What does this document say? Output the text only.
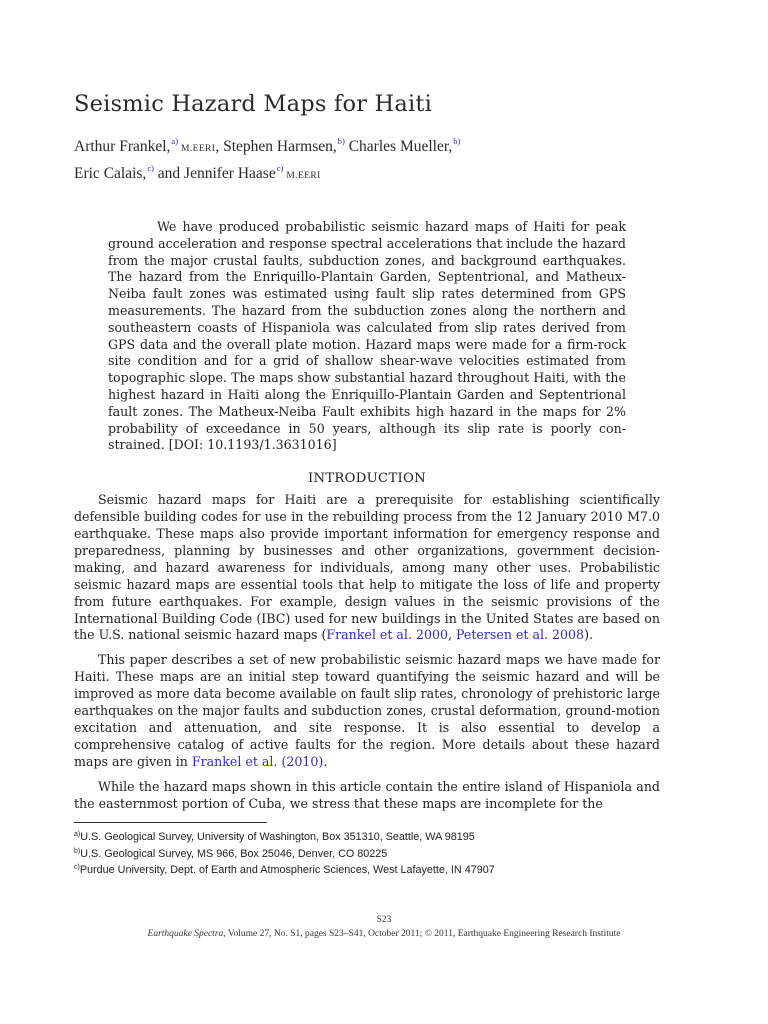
Seismic Hazard Maps for Haiti
Arthur Frankel,$^{a)}$M.EERI, Stephen Harmsen,$^{b)}$ Charles Mueller,$^{b)}$
Eric Calais,$^{c)}$ and Jennifer Haase$^{c)}$M.EERI

We have produced probabilistic seismic hazard maps of Haiti for peak ground acceleration and response spectral accelerations that include the hazard from the major crustal faults, subduction zones, and background earthquakes. The hazard from the Enriquillo-Plantain Garden, Septentrional, and Matheux-Neiba fault zones was estimated using fault slip rates determined from GPS measurements. The hazard from the subduction zones along the northern and southeastern coasts of Hispaniola was calculated from slip rates derived from GPS data and the overall plate motion. Hazard maps were made for a firm-rock site condition and for a grid of shallow shear-wave velocities estimated from topographic slope. The maps show substantial hazard throughout Haiti, with the highest hazard in Haiti along the Enriquillo-Plantain Garden and Septentrional fault zones. The Matheux-Neiba Fault exhibits high hazard in the maps for 2% probability of exceedance in 50 years, although its slip rate is poorly con- strained. [DOI: 10.1193/1.3631016]

INTRODUCTION

Seismic hazard maps for Haiti are a prerequisite for establishing scientifically defensible building codes for use in the rebuilding process from the 12 January 2010 M7.0 earthquake. These maps also provide important information for emergency response and preparedness, planning by businesses and other organizations, government decision-making, and hazard awareness for individuals, among many other uses. Probabilistic seismic hazard maps are essential tools that help to mitigate the loss of life and property from future earthquakes. For example, design values in the seismic provisions of the International Building Code (IBC) used for new buildings in the United States are based on the U.S. national seismic hazard maps (Frankel et al. 2000, Petersen et al. 2008).

This paper describes a set of new probabilistic seismic hazard maps we have made for Haiti. These maps are an initial step toward quantifying the seismic hazard and will be improved as more data become available on fault slip rates, chronology of prehistoric large earthquakes on the major faults and subduction zones, crustal deformation, ground-motion excitation and attenuation, and site response. It is also essential to develop a comprehensive catalog of active faults for the region. More details about these hazard maps are given in Frankel et al. (2010).

While the hazard maps shown in this article contain the entire island of Hispaniola and the easternmost portion of Cuba, we stress that these maps are incomplete for the

$^{a)}$U.S. Geological Survey, University of Washington, Box 351310, Seattle, WA 98195
$^{b)}$U.S. Geological Survey, MS 966, Box 25046, Denver, CO 80225
$^{c)}$Purdue University, Dept. of Earth and Atmospheric Sciences, West Lafayette, IN 47907
S23
Earthquake Spectra, Volume 27, No. S1, pages S23–S41, October 2011; © 2011, Earthquake Engineering Research Institute
